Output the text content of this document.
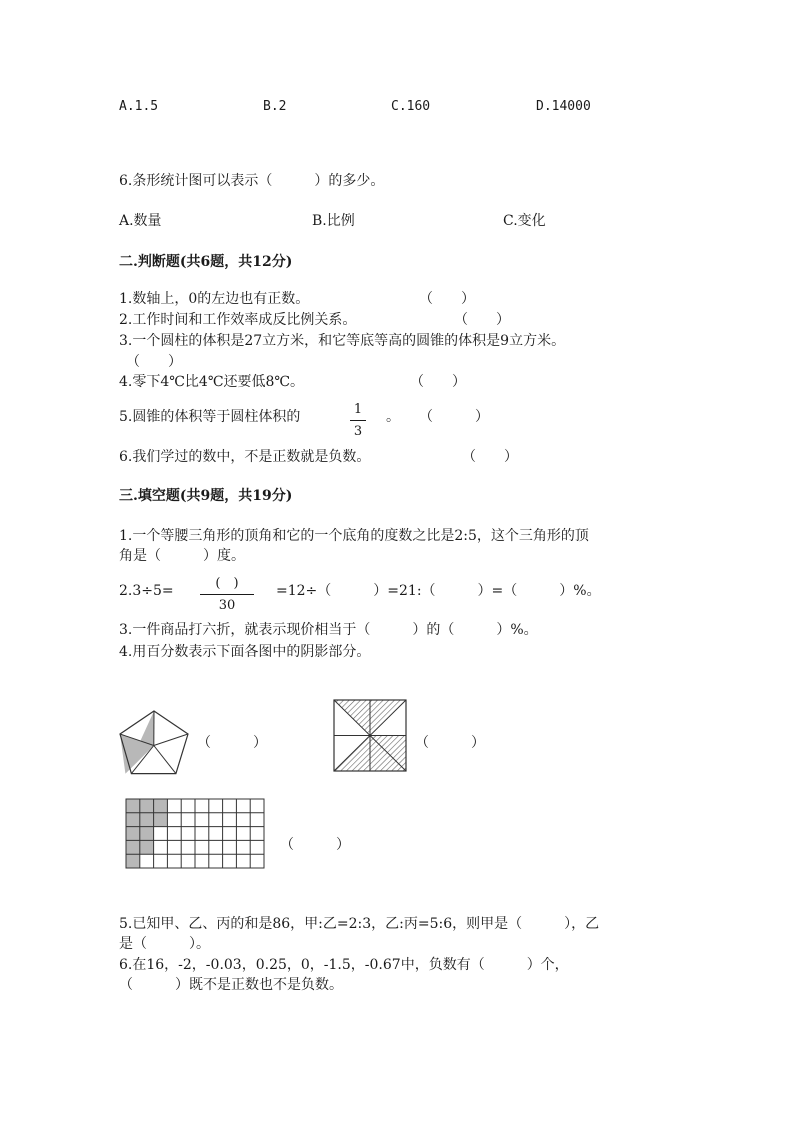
A.1.5	B.2	C.160	D.14000
6.条形统计图可以表示（　　　）的多少。
A.数量	B.比例	C.变化
二.判断题(共6题，共12分)
1.数轴上，0的左边也有正数。	（　　）
2.工作时间和工作效率成反比例关系。	（　　）
3.一个圆柱的体积是27立方米，和它等底等高的圆锥的体积是9立方米。
（　　）
4.零下4℃比4℃还要低8℃。	（　　）
5.圆锥的体积等于圆柱体积的	$\frac{1}{3}$ 。 （　　　）
6.我们学过的数中，不是正数就是负数。	（　　）
三.填空题(共9题，共19分)
1.一个等腰三角形的顶角和它的一个底角的度数之比是2:5，这个三角形的顶
角是（　　　）度。
2.3÷5=	(　)
30
=12÷（　　　）=21:（　　　）=（　　　）%。
3.一件商品打六折，就表示现价相当于（　　　）的（　　　）%。
4.用百分数表示下面各图中的阴影部分。
（　　　）	（　　　）
（　　　）
5.已知甲、乙、丙的和是86，甲:乙=2:3，乙:丙=5:6，则甲是（　　　），乙
是（　　　）。
6.在16，-2，-0.03，0.25，0，-1.5，-0.67中，负数有（　　　）个，
（　　　）既不是正数也不是负数。
